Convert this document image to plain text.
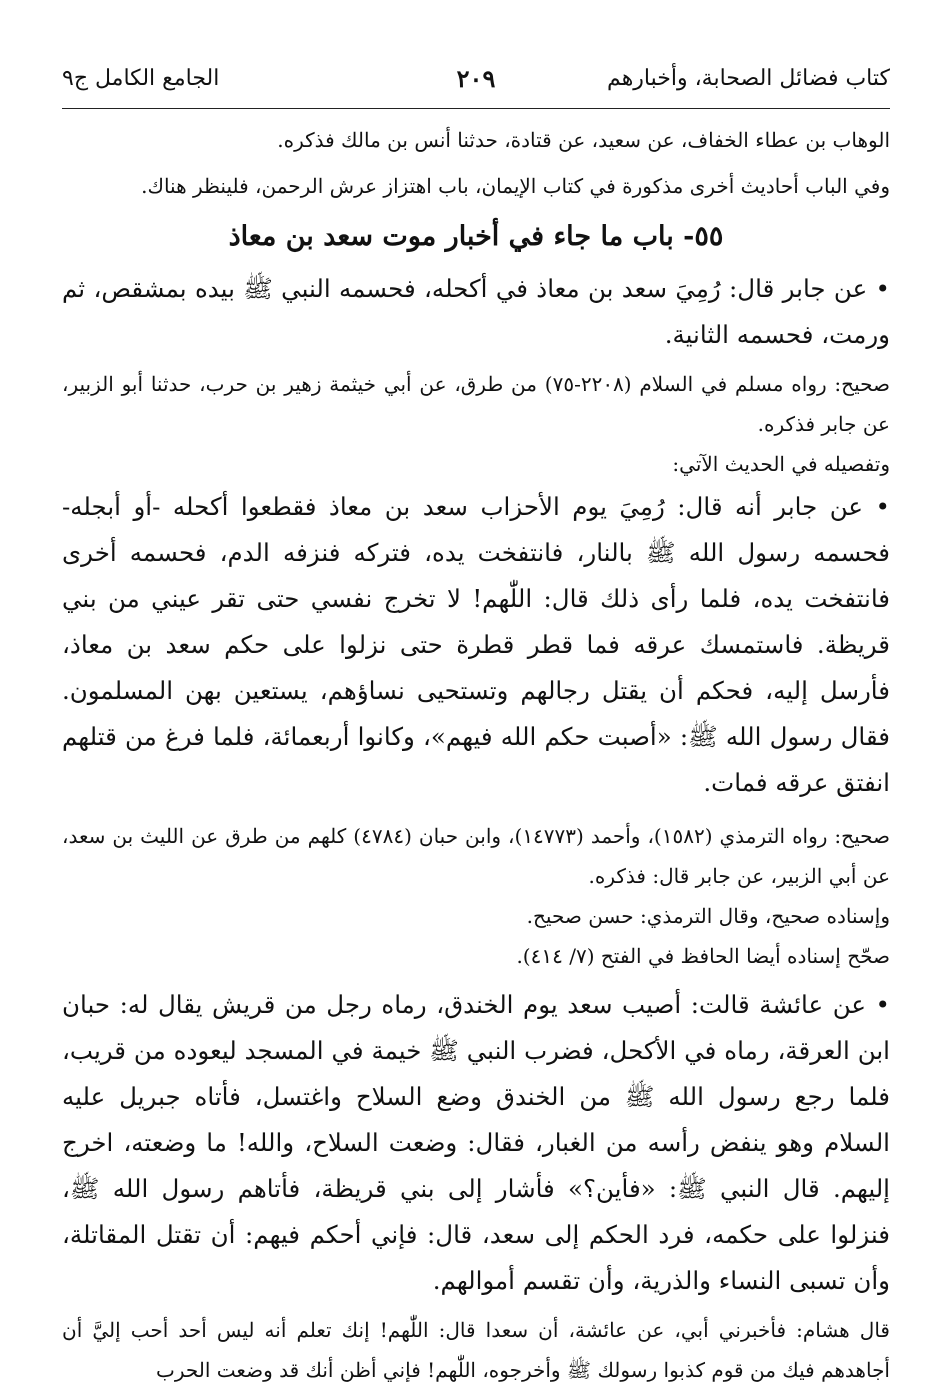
كتاب فضائل الصحابة، وأخبارهم
٢٠٩
الجامع الكامل ج٩

الوهاب بن عطاء الخفاف، عن سعيد، عن قتادة، حدثنا أنس بن مالك فذكره.

وفي الباب أحاديث أخرى مذكورة في كتاب الإيمان، باب اهتزاز عرش الرحمن، فلينظر هناك.

٥٥- باب ما جاء في أخبار موت سعد بن معاذ

• عن جابر قال: رُمِيَ سعد بن معاذ في أكحله، فحسمه النبي ﷺ بيده بمشقص، ثم ورمت، فحسمه الثانية.

صحيح: رواه مسلم في السلام (٢٢٠٨-٧٥) من طرق، عن أبي خيثمة زهير بن حرب، حدثنا أبو الزبير، عن جابر فذكره.

وتفصيله في الحديث الآتي:

• عن جابر أنه قال: رُمِيَ يوم الأحزاب سعد بن معاذ فقطعوا أكحله -أو أبجله- فحسمه رسول الله ﷺ بالنار، فانتفخت يده، فتركه فنزفه الدم، فحسمه أخرى فانتفخت يده، فلما رأى ذلك قال: اللّٰهم! لا تخرج نفسي حتى تقر عيني من بني قريظة. فاستمسك عرقه فما قطر قطرة حتى نزلوا على حكم سعد بن معاذ، فأرسل إليه، فحكم أن يقتل رجالهم وتستحيى نساؤهم، يستعين بهن المسلمون. فقال رسول الله ﷺ: «أصبت حكم الله فيهم»، وكانوا أربعمائة، فلما فرغ من قتلهم انفتق عرقه فمات.

صحيح: رواه الترمذي (١٥٨٢)، وأحمد (١٤٧٧٣)، وابن حبان (٤٧٨٤) كلهم من طرق عن الليث بن سعد، عن أبي الزبير، عن جابر قال: فذكره.

وإسناده صحيح، وقال الترمذي: حسن صحيح.

صحّح إسناده أيضا الحافظ في الفتح (٧/ ٤١٤).

• عن عائشة قالت: أصيب سعد يوم الخندق، رماه رجل من قريش يقال له: حبان ابن العرقة، رماه في الأكحل، فضرب النبي ﷺ خيمة في المسجد ليعوده من قريب، فلما رجع رسول الله ﷺ من الخندق وضع السلاح واغتسل، فأتاه جبريل عليه السلام وهو ينفض رأسه من الغبار، فقال: وضعت السلاح، والله! ما وضعته، اخرج إليهم. قال النبي ﷺ: «فأين؟» فأشار إلى بني قريظة، فأتاهم رسول الله ﷺ، فنزلوا على حكمه، فرد الحكم إلى سعد، قال: فإني أحكم فيهم: أن تقتل المقاتلة، وأن تسبى النساء والذرية، وأن تقسم أموالهم.

قال هشام: فأخبرني أبي، عن عائشة، أن سعدا قال: اللّٰهم! إنك تعلم أنه ليس أحد أحب إليَّ أن أجاهدهم فيك من قوم كذبوا رسولك ﷺ وأخرجوه، اللّٰهم! فإني أظن أنك قد وضعت الحرب
